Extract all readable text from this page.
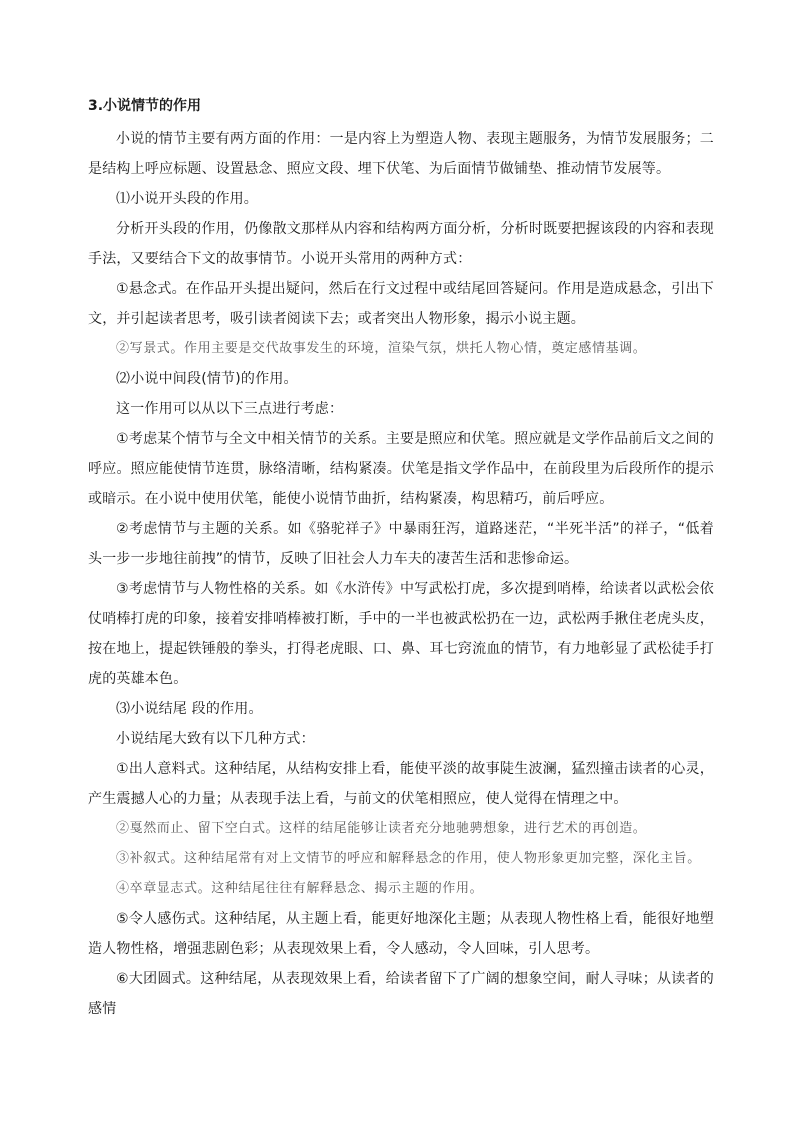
3.小说情节的作用

小说的情节主要有两方面的作用：一是内容上为塑造人物、表现主题服务，为情节发展服务；二是结构上呼应标题、设置悬念、照应文段、埋下伏笔、为后面情节做铺垫、推动情节发展等。

⑴小说开头段的作用。

分析开头段的作用，仍像散文那样从内容和结构两方面分析，分析时既要把握该段的内容和表现手法，又要结合下文的故事情节。小说开头常用的两种方式：

①悬念式。在作品开头提出疑问，然后在行文过程中或结尾回答疑问。作用是造成悬念，引出下文，并引起读者思考，吸引读者阅读下去；或者突出人物形象，揭示小说主题。

②写景式。作用主要是交代故事发生的环境，渲染气氛，烘托人物心情，奠定感情基调。

⑵小说中间段(情节)的作用。

这一作用可以从以下三点进行考虑：

①考虑某个情节与全文中相关情节的关系。主要是照应和伏笔。照应就是文学作品前后文之间的呼应。照应能使情节连贯，脉络清晰，结构紧凑。伏笔是指文学作品中，在前段里为后段所作的提示或暗示。在小说中使用伏笔，能使小说情节曲折，结构紧凑，构思精巧，前后呼应。

②考虑情节与主题的关系。如《骆驼祥子》中暴雨狂泻，道路迷茫，“半死半活”的祥子，“低着头一步一步地往前拽”的情节，反映了旧社会人力车夫的凄苦生活和悲惨命运。

③考虑情节与人物性格的关系。如《水浒传》中写武松打虎，多次提到哨棒，给读者以武松会依仗哨棒打虎的印象，接着安排哨棒被打断，手中的一半也被武松扔在一边，武松两手揪住老虎头皮，按在地上，提起铁锤般的拳头，打得老虎眼、口、鼻、耳七窍流血的情节，有力地彰显了武松徒手打虎的英雄本色。

⑶小说结尾 段的作用。

小说结尾大致有以下几种方式：

①出人意料式。这种结尾，从结构安排上看，能使平淡的故事陡生波澜，猛烈撞击读者的心灵，产生震撼人心的力量；从表现手法上看，与前文的伏笔相照应，使人觉得在情理之中。

②戛然而止、留下空白式。这样的结尾能够让读者充分地驰骋想象，进行艺术的再创造。

③补叙式。这种结尾常有对上文情节的呼应和解释悬念的作用，使人物形象更加完整，深化主旨。

④卒章显志式。这种结尾往往有解释悬念、揭示主题的作用。

⑤令人感伤式。这种结尾，从主题上看，能更好地深化主题；从表现人物性格上看，能很好地塑造人物性格，增强悲剧色彩；从表现效果上看，令人感动，令人回味，引人思考。

⑥大团圆式。这种结尾，从表现效果上看，给读者留下了广阔的想象空间，耐人寻味；从读者的感情
